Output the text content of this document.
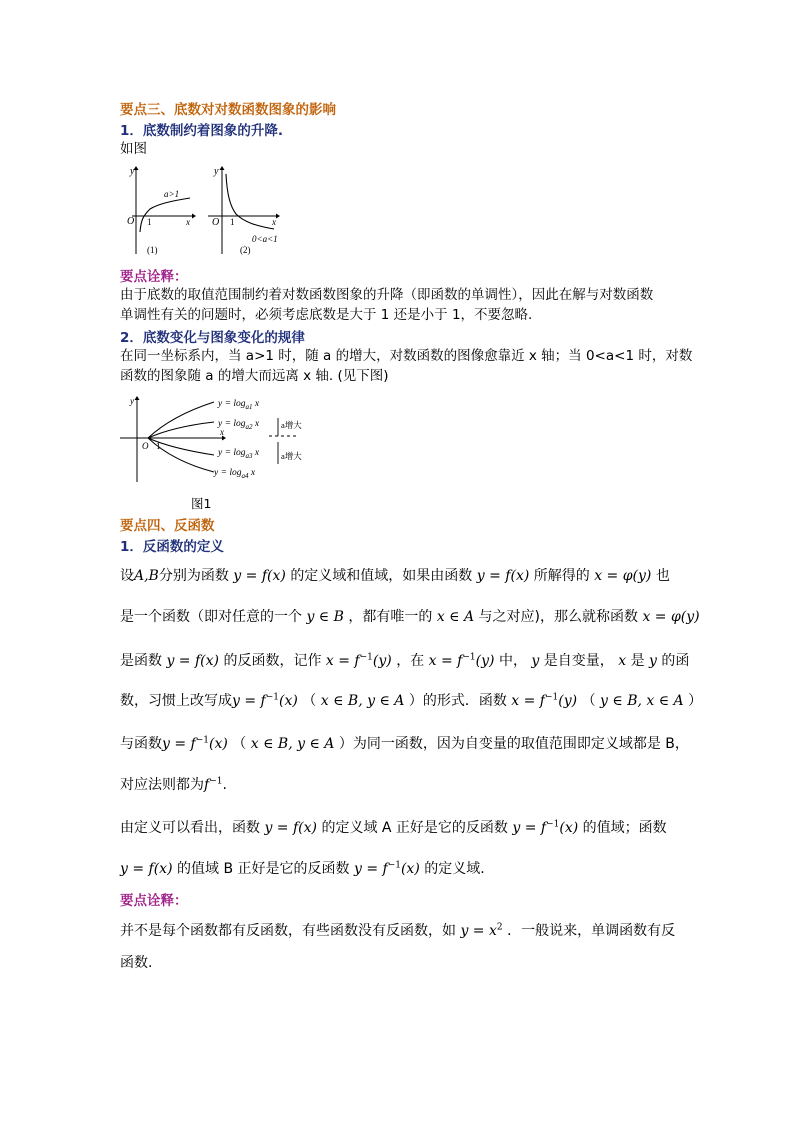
要点三、底数对对数函数图象的影响
1．底数制约着图象的升降.
如图
y
O 1	x
a>1
(1)
y
O 1	x
0<a<1
(2)
要点诠释：
由于底数的取值范围制约着对数函数图象的升降（即函数的单调性），因此在解与对数函数
单调性有关的问题时，必须考虑底数是大于 1 还是小于 1，不要忽略.
2．底数变化与图象变化的规律
在同一坐标系内，当 a>1 时，随 a 的增大，对数函数的图像愈靠近 x 轴；当 0<a<1 时，对数
函数的图象随 a 的增大而远离 x 轴. (见下图)
y
O 1
x
$y = \log_{a1} x$
$y = \log_{a2} x$
$y = \log_{a3} x$
$y = \log_{a4} x$
a增大
a增大
图1
要点四、反函数
1．反函数的定义
设A,B分别为函数 y = f(x) 的定义域和值域，如果由函数 y = f(x) 所解得的 x = φ(y) 也
是一个函数（即对任意的一个 y ∈ B ，都有唯一的 x ∈ A 与之对应)，那么就称函数 x = φ(y)
是函数 y = f(x) 的反函数，记作 $x = f^{-1}(y)$ ，在 $x = f^{-1}(y)$ 中， y 是自变量， x 是 y 的函
数，习惯上改写成$y = f^{-1}(x)$ （ x ∈ B, y ∈ A ）的形式．函数 $x = f^{-1}(y)$ （ y ∈ B, x ∈ A ）
与函数$y = f^{-1}(x)$ （ x ∈ B, y ∈ A ）为同一函数，因为自变量的取值范围即定义域都是 B，
对应法则都为$f^{-1}$.
由定义可以看出，函数 y = f(x) 的定义域 A 正好是它的反函数 $y = f^{-1}(x)$ 的值域；函数
y = f(x) 的值域 B 正好是它的反函数 $y = f^{-1}(x)$ 的定义域.
要点诠释：
并不是每个函数都有反函数，有些函数没有反函数，如 $y = x^2$ ．一般说来，单调函数有反
函数.
